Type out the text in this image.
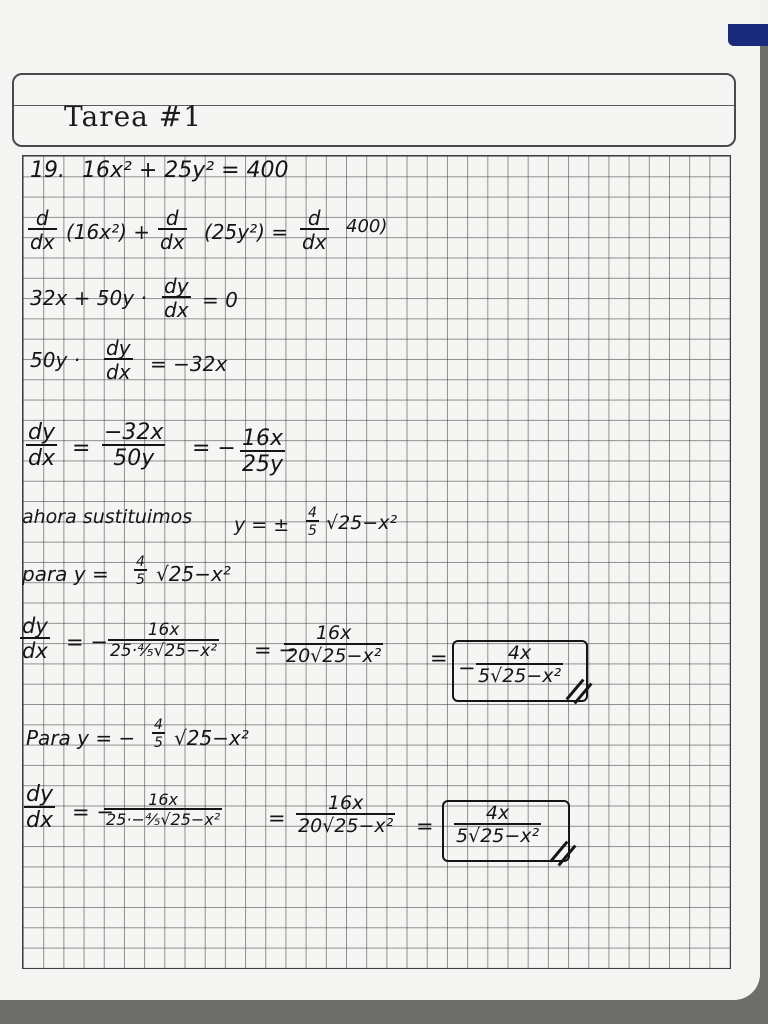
Tarea #1
19. 16x² + 25y² = 400
$\frac{d}{dx} (16x^2) + \frac{d}{dx} (25y^2) = \frac{d}{dx} 400$)
$32x + 50y \cdot \frac{dy}{dx} = 0$
$50y \cdot \frac{dy}{dx} = -32x$
$\frac{dy}{dx} = \frac{-32x}{50y}$ = − $\frac{16x}{25y}$
ahora sustituimos y = ± $\frac{4}{5} √25-x^2$
para $y = \frac{4}{5} √25-x^2$
$\frac{dy}{dx}$ = − $\frac{16x}{\text{25·⁴⁄₅√25−x²}}$ = −
$\frac{16x}{\text{20√25−x²}}$ = − $\frac{4x}{\text{5√25−x²}}$
Para y = − $\frac{4}{5} √25-x^2$
$\frac{dy}{dx}$ = −
$\frac{16x}{\text{25·−⁴⁄₅√25−x²}} = \frac{16x}{\text{20√25−x²}} = \frac{4x}{\text{5√25−x²}}$
